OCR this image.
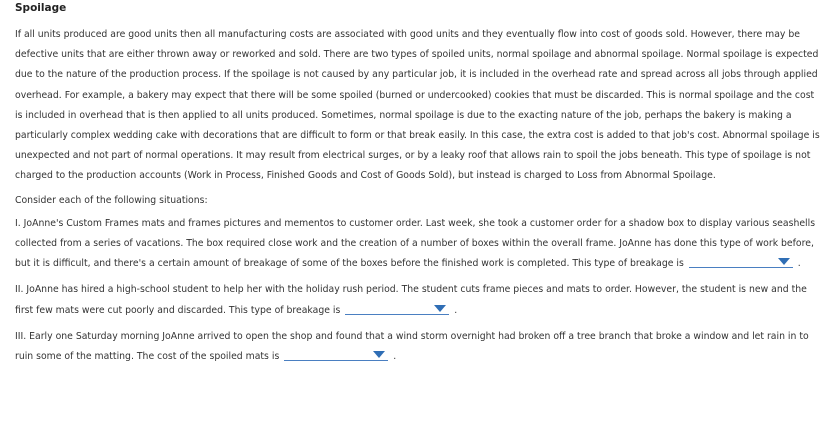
Spoilage

If all units produced are good units then all manufacturing costs are associated with good units and they eventually flow into cost of goods sold. However, there may be defective units that are either thrown away or reworked and sold. There are two types of spoiled units, normal spoilage and abnormal spoilage. Normal spoilage is expected due to the nature of the production process. If the spoilage is not caused by any particular job, it is included in the overhead rate and spread across all jobs through applied overhead. For example, a bakery may expect that there will be some spoiled (burned or undercooked) cookies that must be discarded. This is normal spoilage and the cost is included in overhead that is then applied to all units produced. Sometimes, normal spoilage is due to the exacting nature of the job, perhaps the bakery is making a particularly complex wedding cake with decorations that are difficult to form or that break easily. In this case, the extra cost is added to that job's cost. Abnormal spoilage is unexpected and not part of normal operations. It may result from electrical surges, or by a leaky roof that allows rain to spoil the jobs beneath. This type of spoilage is not charged to the production accounts (Work in Process, Finished Goods and Cost of Goods Sold), but instead is charged to Loss from Abnormal Spoilage.

Consider each of the following situations:

I. JoAnne's Custom Frames mats and frames pictures and mementos to customer order. Last week, she took a customer order for a shadow box to display various seashells collected from a series of vacations. The box required close work and the creation of a number of boxes within the overall frame. JoAnne has done this type of work before, but it is difficult, and there's a certain amount of breakage of some of the boxes before the finished work is completed. This type of breakage is	.

II. JoAnne has hired a high-school student to help her with the holiday rush period. The student cuts frame pieces and mats to order. However, the student is new and the first few mats were cut poorly and discarded. This type of breakage is	.

III. Early one Saturday morning JoAnne arrived to open the shop and found that a wind storm overnight had broken off a tree branch that broke a window and let rain in to ruin some of the matting. The cost of the spoiled mats is	.
